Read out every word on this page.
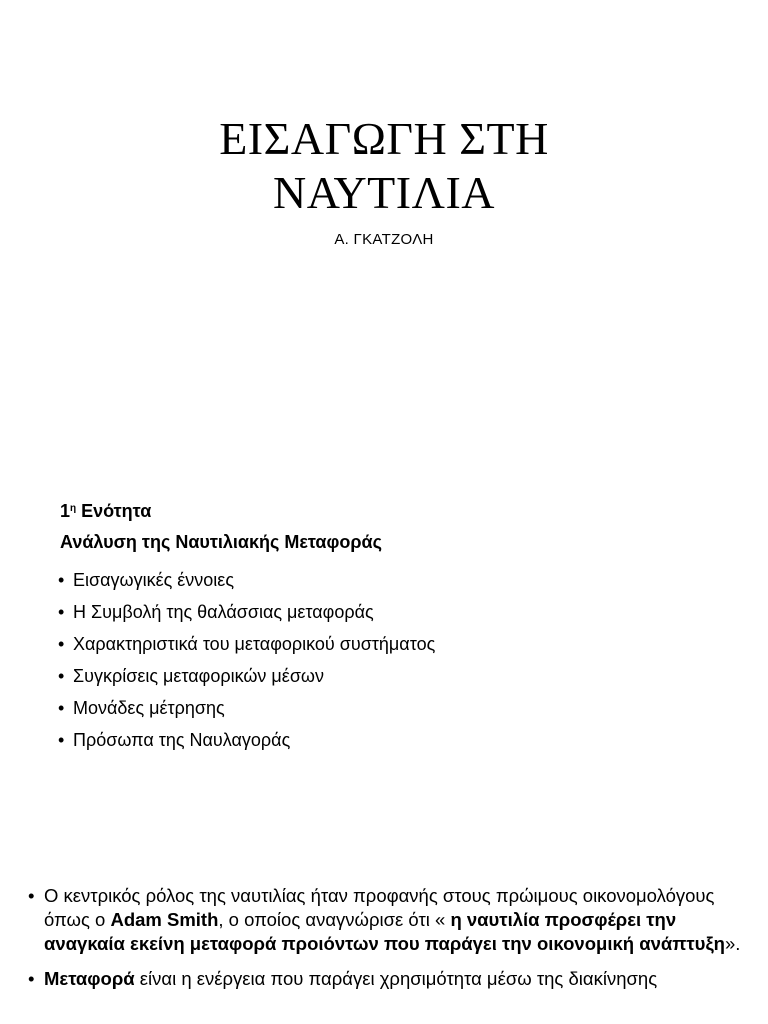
ΕΙΣΑΓΩΓΗ ΣΤΗ
ΝΑΥΤΙΛΙΑ
Α. ΓΚΑΤΖΟΛΗ
$1^\eta$ Ενότητα
Ανάλυση της Ναυτιλιακής Μεταφοράς
• Εισαγωγικές έννοιες
• Η Συμβολή της θαλάσσιας μεταφοράς
• Χαρακτηριστικά του μεταφορικού συστήματος
• Συγκρίσεις μεταφορικών μέσων
• Μονάδες μέτρησης
• Πρόσωπα της Ναυλαγοράς
• Ο κεντρικός ρόλος της ναυτιλίας ήταν προφανής στους πρώιμους οικονομολόγους όπως ο Adam Smith, ο οποίος αναγνώρισε ότι « η ναυτιλία προσφέρει την αναγκαία εκείνη μεταφορά προιόντων που παράγει την οικονομική ανάπτυξη».
• Μεταφορά είναι η ενέργεια που παράγει χρησιμότητα μέσω της διακίνησης
